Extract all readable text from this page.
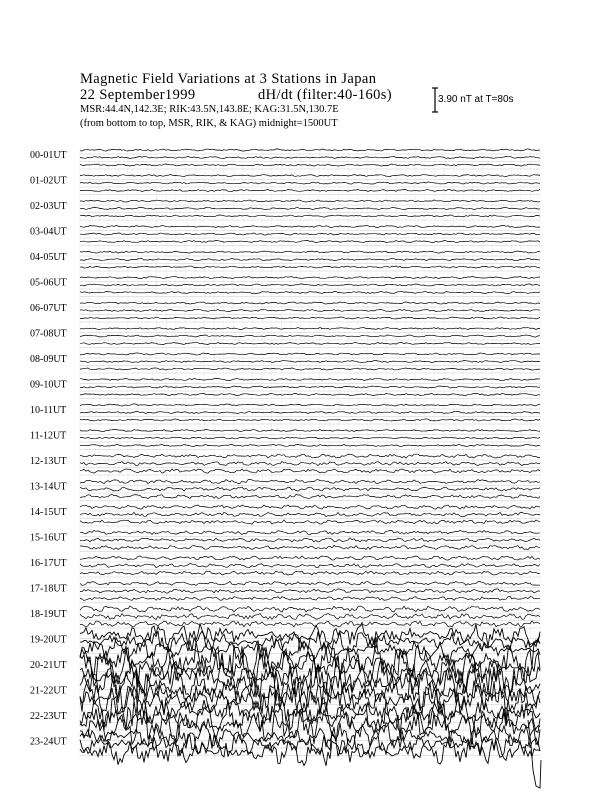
Magnetic Field Variations at 3 Stations in Japan
22 September1999	dH/dt (filter:40-160s)
MSR:44.4N,142.3E; RIK:43.5N,143.8E; KAG:31.5N,130.7E
(from bottom to top, MSR, RIK, & KAG) midnight=1500UT
3.90 nT at T=80s
00-01UT
01-02UT
02-03UT
03-04UT
04-05UT
05-06UT
06-07UT
07-08UT
08-09UT
09-10UT
10-11UT
11-12UT
12-13UT
13-14UT
14-15UT
15-16UT
16-17UT
17-18UT
18-19UT
19-20UT
20-21UT
21-22UT
22-23UT
23-24UT
